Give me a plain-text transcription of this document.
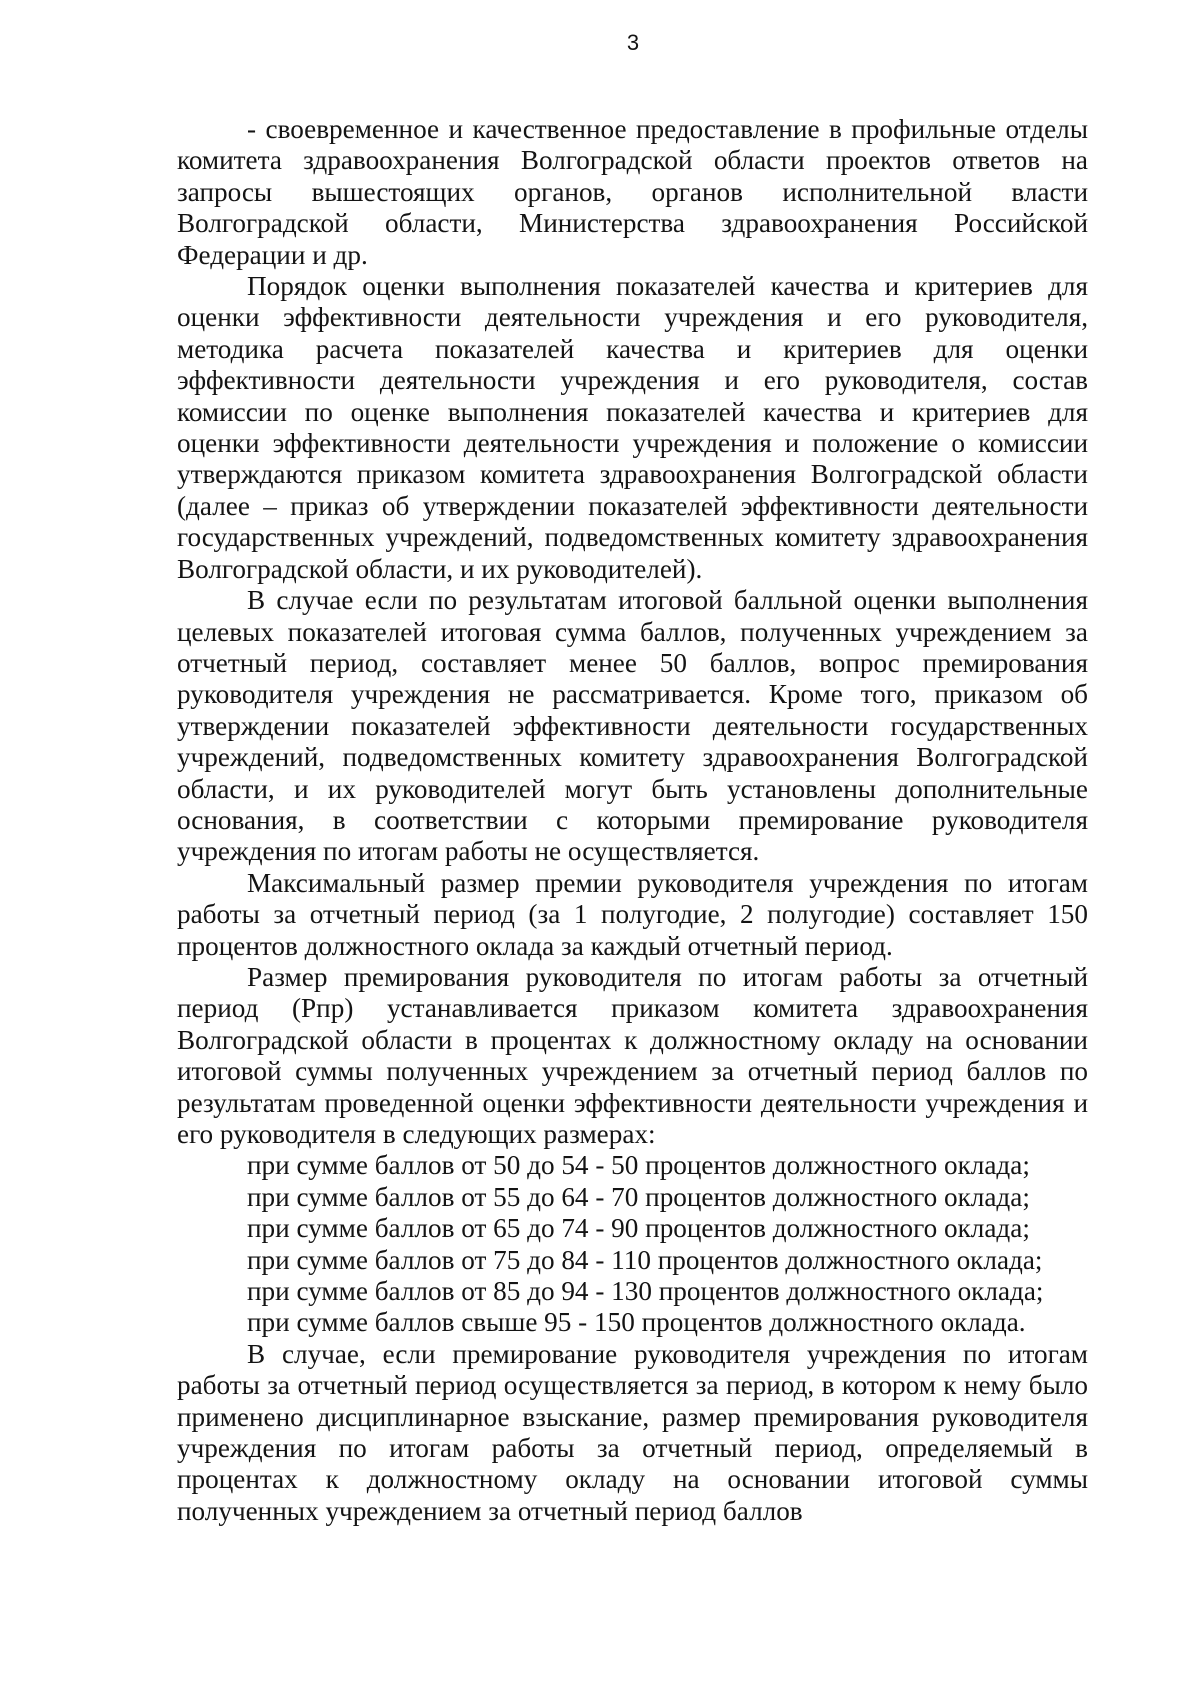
3

- своевременное и качественное предоставление в профильные отделы комитета здравоохранения Волгоградской области проектов ответов на запросы вышестоящих органов, органов исполнительной власти Волгоградской области, Министерства здравоохранения Российской Федерации и др.

Порядок оценки выполнения показателей качества и критериев для оценки эффективности деятельности учреждения и его руководителя, методика расчета показателей качества и критериев для оценки эффективности деятельности учреждения и его руководителя, состав комиссии по оценке выполнения показателей качества и критериев для оценки эффективности деятельности учреждения и положение о комиссии утверждаются приказом комитета здравоохранения Волгоградской области (далее – приказ об утверждении показателей эффективности деятельности государственных учреждений, подведомственных комитету здравоохранения Волгоградской области, и их руководителей).

В случае если по результатам итоговой балльной оценки выполнения целевых показателей итоговая сумма баллов, полученных учреждением за отчетный период, составляет менее 50 баллов, вопрос премирования руководителя учреждения не рассматривается. Кроме того, приказом об утверждении показателей эффективности деятельности государственных учреждений, подведомственных комитету здравоохранения Волгоградской области, и их руководителей могут быть установлены дополнительные основания, в соответствии с которыми премирование руководителя учреждения по итогам работы не осуществляется.

Максимальный размер премии руководителя учреждения по итогам работы за отчетный период (за 1 полугодие, 2 полугодие) составляет 150 процентов должностного оклада за каждый отчетный период.

Размер премирования руководителя по итогам работы за отчетный период (Рпр) устанавливается приказом комитета здравоохранения Волгоградской области в процентах к должностному окладу на основании итоговой суммы полученных учреждением за отчетный период баллов по результатам проведенной оценки эффективности деятельности учреждения и его руководителя в следующих размерах:

при сумме баллов от 50 до 54 - 50 процентов должностного оклада;
при сумме баллов от 55 до 64 - 70 процентов должностного оклада;
при сумме баллов от 65 до 74 - 90 процентов должностного оклада;
при сумме баллов от 75 до 84 - 110 процентов должностного оклада;
при сумме баллов от 85 до 94 - 130 процентов должностного оклада;
при сумме баллов свыше 95 - 150 процентов должностного оклада.

В случае, если премирование руководителя учреждения по итогам работы за отчетный период осуществляется за период, в котором к нему было применено дисциплинарное взыскание, размер премирования руководителя учреждения по итогам работы за отчетный период, определяемый в процентах к должностному окладу на основании итоговой суммы полученных учреждением за отчетный период баллов
